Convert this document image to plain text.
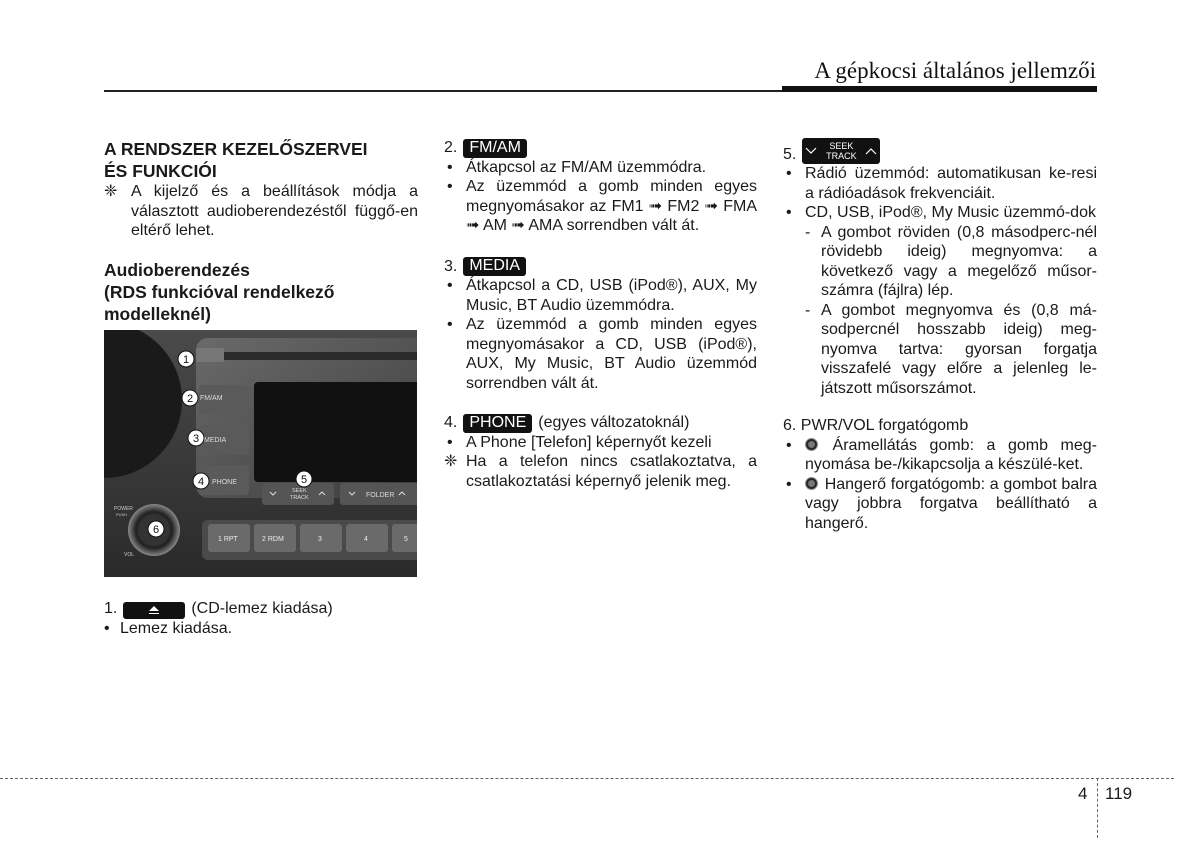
A gépkocsi általános jellemzői

A RENDSZER KEZELŐSZERVEI
ÉS FUNKCIÓI

❈ A kijelző és a beállítások módja a választott audioberendezéstől függő-en eltérő lehet.

Audioberendezés
(RDS funkcióval rendelkező
modelleknél)

FM/AM
MEDIA
PHONE
SEEK
TRACK	FOLDER
1 RPT	2 RDM	3	4	5
POWER
PUSH
VOL
1
2
3
4	5
6
1.	(CD-lemez kiadása)
• Lemez kiadása.
2. FM/AM
• Átkapcsol az FM/AM üzemmódra.
• Az üzemmód a gomb minden egyes megnyomásakor az FM1 ➟ FM2 ➟ FMA ➟ AM ➟ AMA sorrendben vált át.
3. MEDIA
• Átkapcsol a CD, USB (iPod®), AUX, My Music, BT Audio üzemmódra.
• Az üzemmód a gomb minden egyes megnyomásakor a CD, USB (iPod®), AUX, My Music, BT Audio üzemmód sorrendben vált át.
4. PHONE (egyes változatoknál)
• A Phone [Telefon] képernyőt kezeli
❈ Ha a telefon nincs csatlakoztatva, a csatlakoztatási képernyő jelenik meg.
5.	SEEK
TRACK
• Rádió üzemmód: automatikusan ke-resi a rádióadások frekvenciáit.
• CD, USB, iPod®, My Music üzemmó-dok
- A gombot röviden (0,8 másodperc-nél rövidebb ideig) megnyomva: a következő vagy a megelőző műsor-számra (fájlra) lép.
- A gombot megnyomva és (0,8 má-sodpercnél hosszabb ideig) meg-nyomva tartva: gyorsan forgatja visszafelé vagy előre a jelenleg le-játszott műsorszámot.
6. PWR/VOL forgatógomb
•	Áramellátás gomb: a gomb meg-nyomása be-/kikapcsolja a készülé-ket.
• Hangerő forgatógomb: a gombot balra vagy jobbra forgatva beállítható a hangerő.
4 119
